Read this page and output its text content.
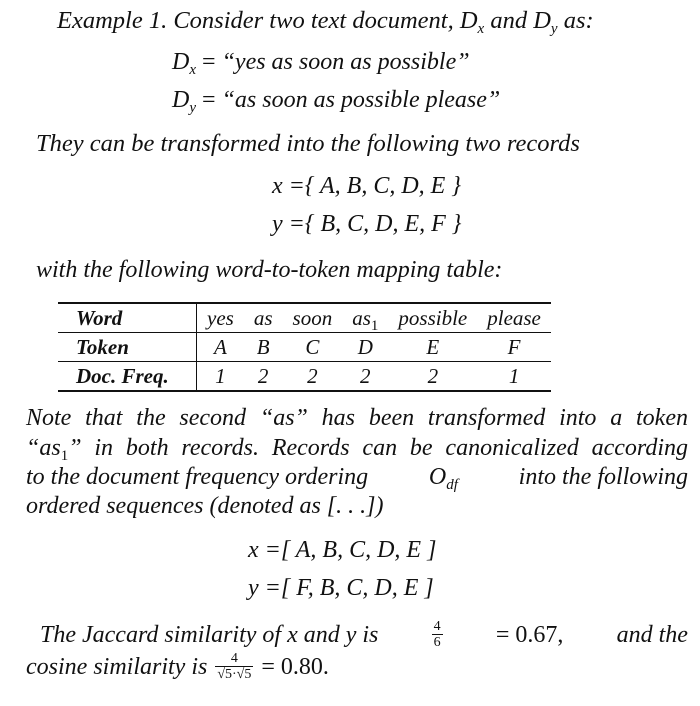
Example 1. Consider two text document, $D_x$ and $D_y$ as:
$D_x$ = “yes as soon as possible”
$D_y$ = “as soon as possible please”
They can be transformed into the following two records
x ={ A, B, C, D, E }
y ={ B, C, D, E, F }
with the following word-to-token mapping table:
Word	yes	as	soon	$as_1$	possible	please
Token	A	B	C	D	E	F
Doc. Freq.	1	2	2	2	2	1
Note that the second “as” has been transformed into a token
“$as_1$” in both records. Records can be canonicalized according
to the document frequency ordering	$O_{df}$	into the following
ordered sequences (denoted as [. . .])
x =[ A, B, C, D, E ]
y =[ F, B, C, D, E ]
The Jaccard similarity of x and y is	$\frac{4}{6} = 0.67$, and the
cosine similarity is $\frac{4}{√5\cdot√5} = 0.80$.
